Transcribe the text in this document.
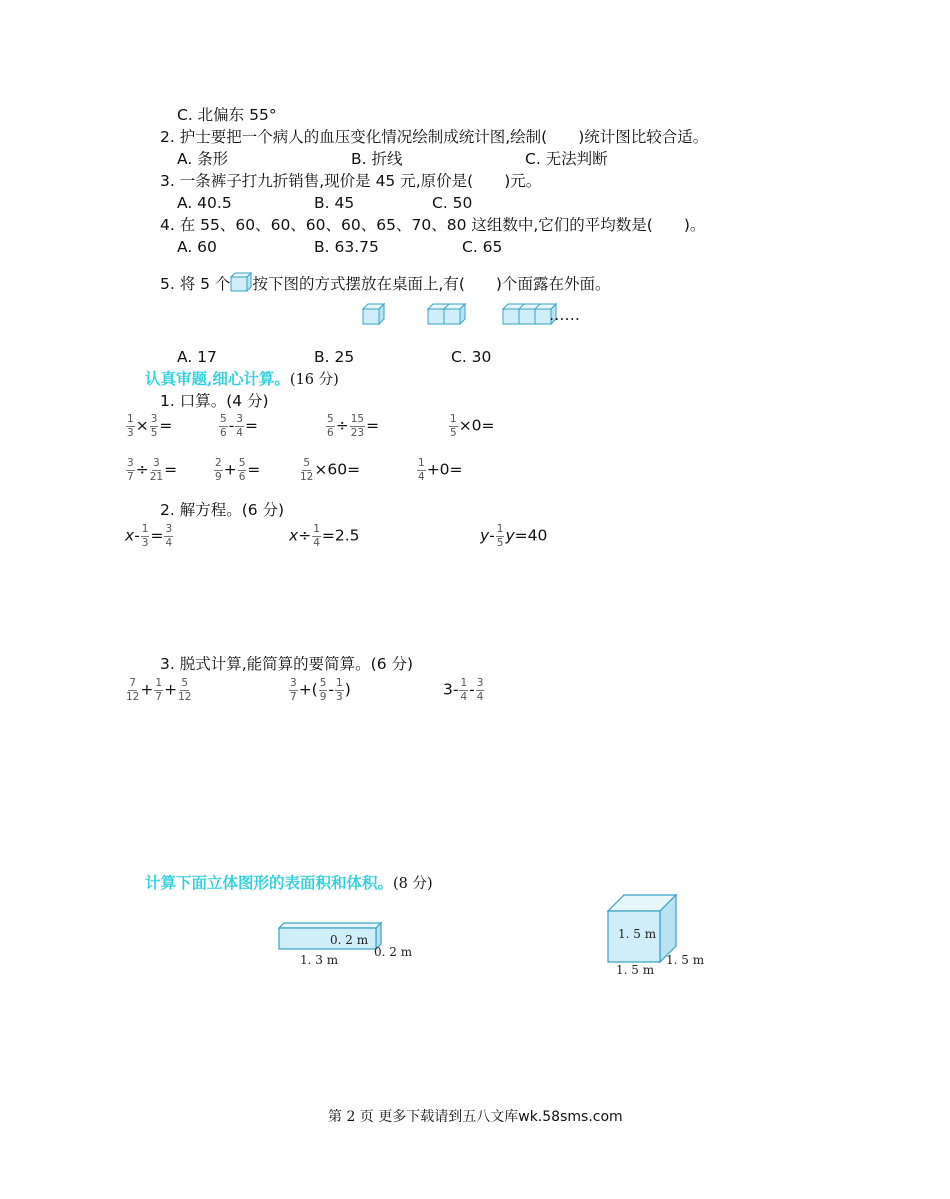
C. 北偏东 55°
2. 护士要把一个病人的血压变化情况绘制成统计图,绘制(　　)统计图比较合适。
A. 条形	B. 折线	C. 无法判断
3. 一条裤子打九折销售,现价是 45 元,原价是(　　)元。
A. 40.5	B. 45	C. 50
4. 在 55、60、60、60、60、65、70、80 这组数中,它们的平均数是(　　)。
A. 60	B. 63.75	C. 65
5. 将 5 个 按下图的方式摆放在桌面上,有(　　)个面露在外面。
……
A. 17	B. 25	C. 30
认真审题,细心计算。(16 分)
1. 口算。(4 分)
$\frac{1}{3} \times \frac{3}{5}$ =	$\frac{5}{6} - \frac{3}{4}$ =	$\frac{5}{6} \div \frac{15}{23}$ =	$\frac{1}{5} \times 0=$
$\frac{3}{7} \div \frac{3}{21}$ =	$\frac{2}{9} + \frac{5}{6}$ =	$\frac{5}{12} \times 60=$	$\frac{1}{4} +0=$
2. 解方程。(6 分)
$x- \frac{1}{3} = \frac{3}{4}$	$x\div \frac{1}{4} =2.5$	$y- \frac{1}{5} y=40$
3. 脱式计算,能简算的要简算。(6 分)
$\frac{7}{12} + \frac{1}{7} + \frac{5}{12}$	$\frac{3}{7}$ +( $\frac{5}{9} - \frac{1}{3}$ )	$3- \frac{1}{4} - \frac{3}{4}$
计算下面立体图形的表面积和体积。(8 分)
0. 2 m
0. 2 m
1. 3 m
1. 5 m
1. 5 m
1. 5 m
第 2 页 更多下载请到五八文库wk.58sms.com
